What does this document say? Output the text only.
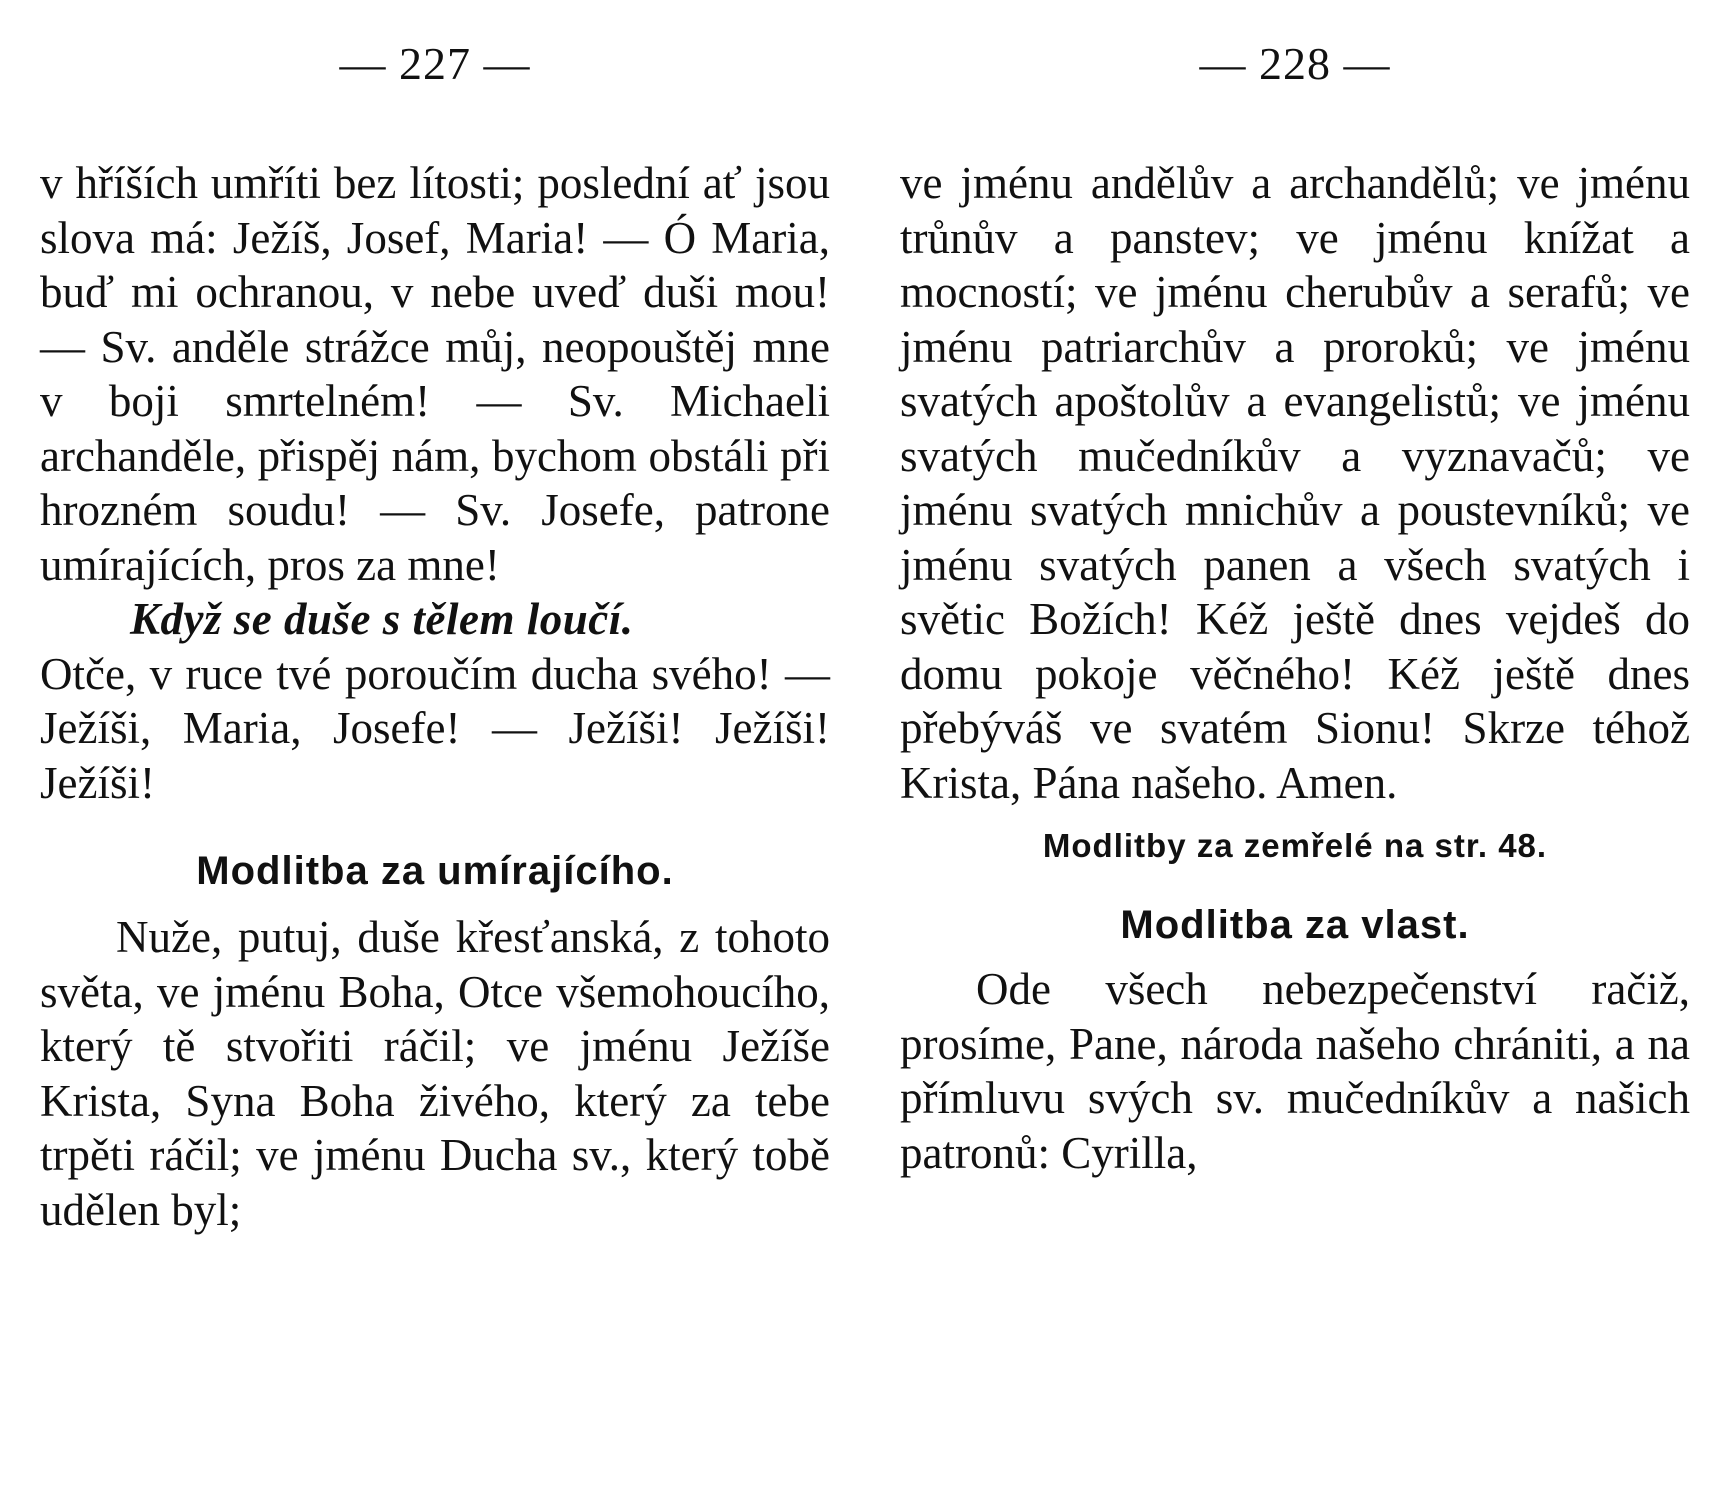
— 227 —

v hříších umříti bez lítosti; poslední ať jsou slova má: Ježíš, Josef, Maria! — Ó Maria, buď mi ochranou, v nebe uveď duši mou! — Sv. anděle strážce můj, neopouštěj mne v boji smrtelném! — Sv. Michaeli archanděle, přispěj nám, bychom obstáli při hrozném soudu! — Sv. Josefe, patrone umírajících, pros za mne!

Když se duše s tělem loučí.

Otče, v ruce tvé poroučím ducha svého! — Ježíši, Maria, Josefe! — Ježíši! Ježíši! Ježíši!

Modlitba za umírajícího.

Nuže, putuj, duše křesťanská, z tohoto světa, ve jménu Boha, Otce všemohoucího, který tě stvořiti ráčil; ve jménu Ježíše Krista, Syna Boha živého, který za tebe trpěti ráčil; ve jménu Ducha sv., který tobě udělen byl;

— 228 —

ve jménu andělův a archandělů; ve jménu trůnův a panstev; ve jménu knížat a mocností; ve jménu cherubův a serafů; ve jménu patriarchův a proroků; ve jménu svatých apoštolův a evangelistů; ve jménu svatých mučedníkův a vyznavačů; ve jménu svatých mnichův a poustevníků; ve jménu svatých panen a všech svatých i světic Božích! Kéž ještě dnes vejdeš do domu pokoje věčného! Kéž ještě dnes přebýváš ve svatém Sionu! Skrze téhož Krista, Pána našeho. Amen.

Modlitby za zemřelé na str. 48.

Modlitba za vlast.

Ode všech nebezpečenství račiž, prosíme, Pane, národa našeho chrániti, a na přímluvu svých sv. mučedníkův a našich patronů: Cyrilla,
